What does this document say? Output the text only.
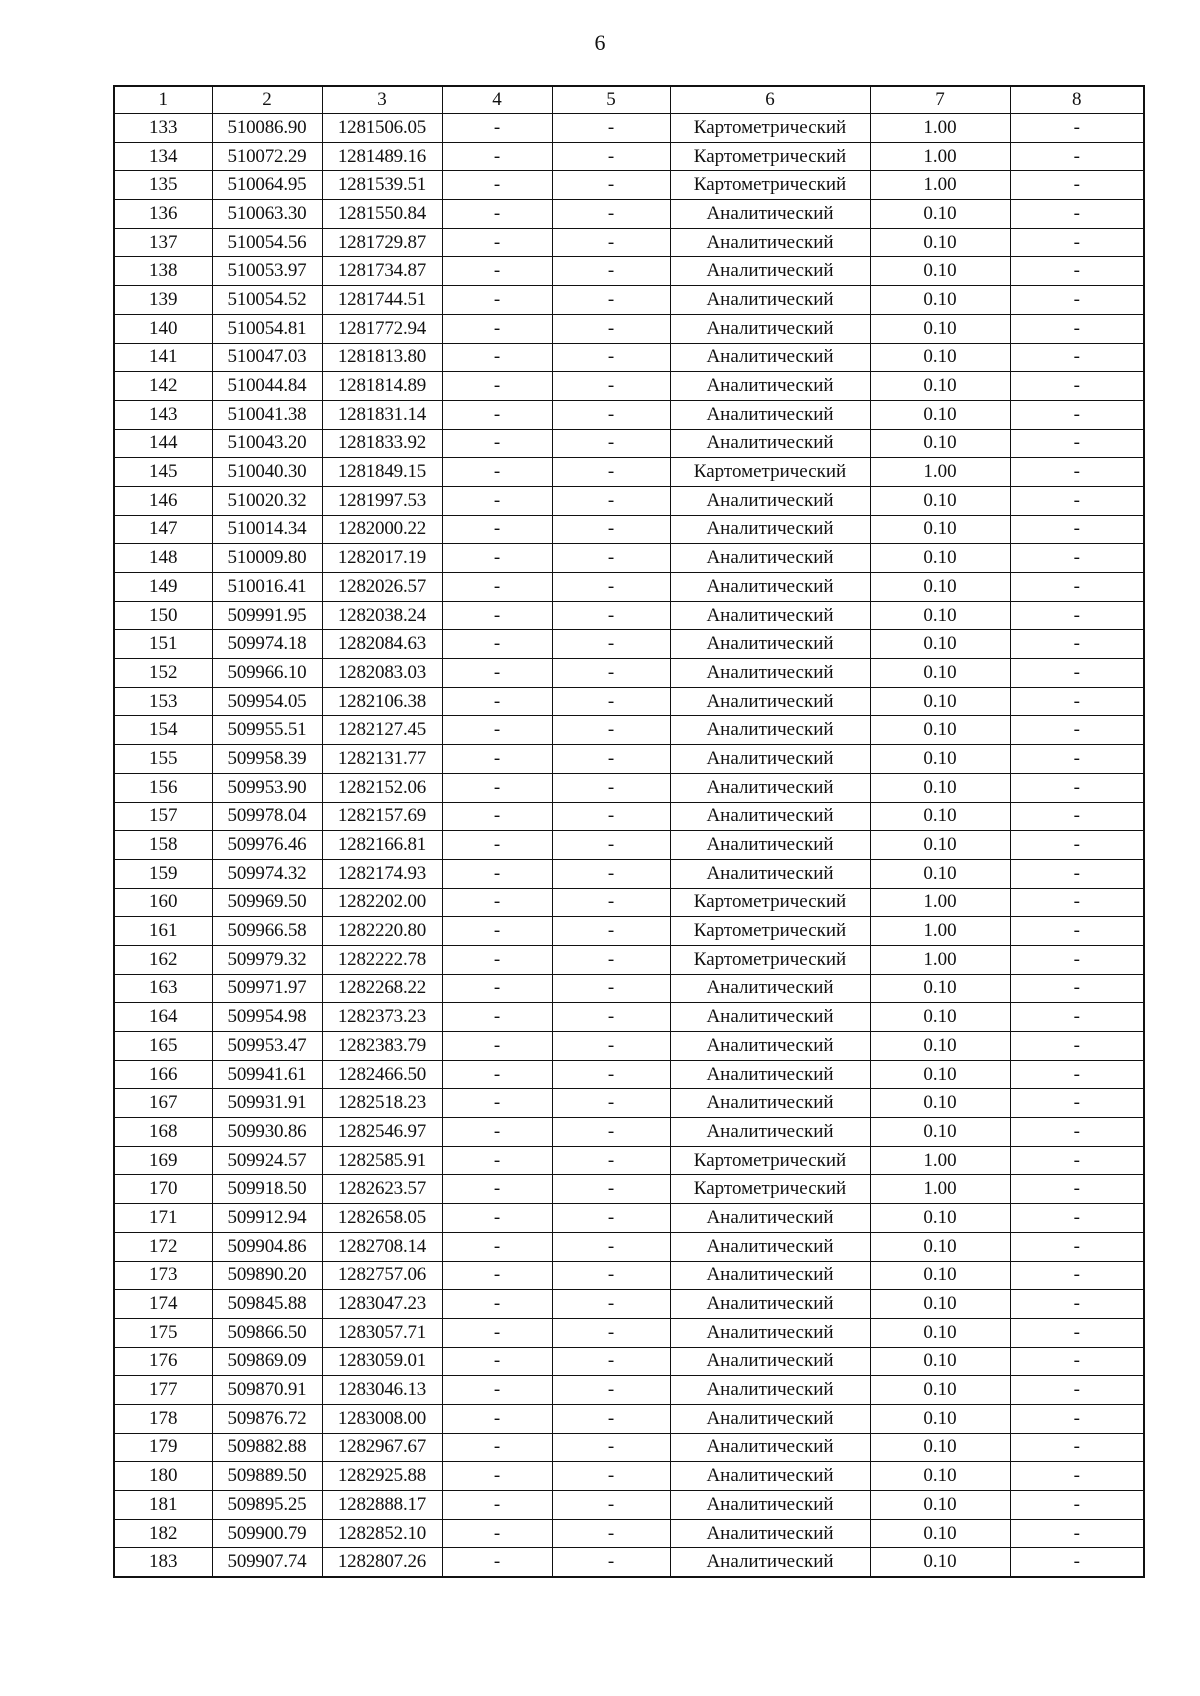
6
1	2	3	4	5	6	7	8
133	510086.90	1281506.05	-	-	Картометрический	1.00	-
134	510072.29	1281489.16	-	-	Картометрический	1.00	-
135	510064.95	1281539.51	-	-	Картометрический	1.00	-
136	510063.30	1281550.84	-	-	Аналитический	0.10	-
137	510054.56	1281729.87	-	-	Аналитический	0.10	-
138	510053.97	1281734.87	-	-	Аналитический	0.10	-
139	510054.52	1281744.51	-	-	Аналитический	0.10	-
140	510054.81	1281772.94	-	-	Аналитический	0.10	-
141	510047.03	1281813.80	-	-	Аналитический	0.10	-
142	510044.84	1281814.89	-	-	Аналитический	0.10	-
143	510041.38	1281831.14	-	-	Аналитический	0.10	-
144	510043.20	1281833.92	-	-	Аналитический	0.10	-
145	510040.30	1281849.15	-	-	Картометрический	1.00	-
146	510020.32	1281997.53	-	-	Аналитический	0.10	-
147	510014.34	1282000.22	-	-	Аналитический	0.10	-
148	510009.80	1282017.19	-	-	Аналитический	0.10	-
149	510016.41	1282026.57	-	-	Аналитический	0.10	-
150	509991.95	1282038.24	-	-	Аналитический	0.10	-
151	509974.18	1282084.63	-	-	Аналитический	0.10	-
152	509966.10	1282083.03	-	-	Аналитический	0.10	-
153	509954.05	1282106.38	-	-	Аналитический	0.10	-
154	509955.51	1282127.45	-	-	Аналитический	0.10	-
155	509958.39	1282131.77	-	-	Аналитический	0.10	-
156	509953.90	1282152.06	-	-	Аналитический	0.10	-
157	509978.04	1282157.69	-	-	Аналитический	0.10	-
158	509976.46	1282166.81	-	-	Аналитический	0.10	-
159	509974.32	1282174.93	-	-	Аналитический	0.10	-
160	509969.50	1282202.00	-	-	Картометрический	1.00	-
161	509966.58	1282220.80	-	-	Картометрический	1.00	-
162	509979.32	1282222.78	-	-	Картометрический	1.00	-
163	509971.97	1282268.22	-	-	Аналитический	0.10	-
164	509954.98	1282373.23	-	-	Аналитический	0.10	-
165	509953.47	1282383.79	-	-	Аналитический	0.10	-
166	509941.61	1282466.50	-	-	Аналитический	0.10	-
167	509931.91	1282518.23	-	-	Аналитический	0.10	-
168	509930.86	1282546.97	-	-	Аналитический	0.10	-
169	509924.57	1282585.91	-	-	Картометрический	1.00	-
170	509918.50	1282623.57	-	-	Картометрический	1.00	-
171	509912.94	1282658.05	-	-	Аналитический	0.10	-
172	509904.86	1282708.14	-	-	Аналитический	0.10	-
173	509890.20	1282757.06	-	-	Аналитический	0.10	-
174	509845.88	1283047.23	-	-	Аналитический	0.10	-
175	509866.50	1283057.71	-	-	Аналитический	0.10	-
176	509869.09	1283059.01	-	-	Аналитический	0.10	-
177	509870.91	1283046.13	-	-	Аналитический	0.10	-
178	509876.72	1283008.00	-	-	Аналитический	0.10	-
179	509882.88	1282967.67	-	-	Аналитический	0.10	-
180	509889.50	1282925.88	-	-	Аналитический	0.10	-
181	509895.25	1282888.17	-	-	Аналитический	0.10	-
182	509900.79	1282852.10	-	-	Аналитический	0.10	-
183	509907.74	1282807.26	-	-	Аналитический	0.10	-
